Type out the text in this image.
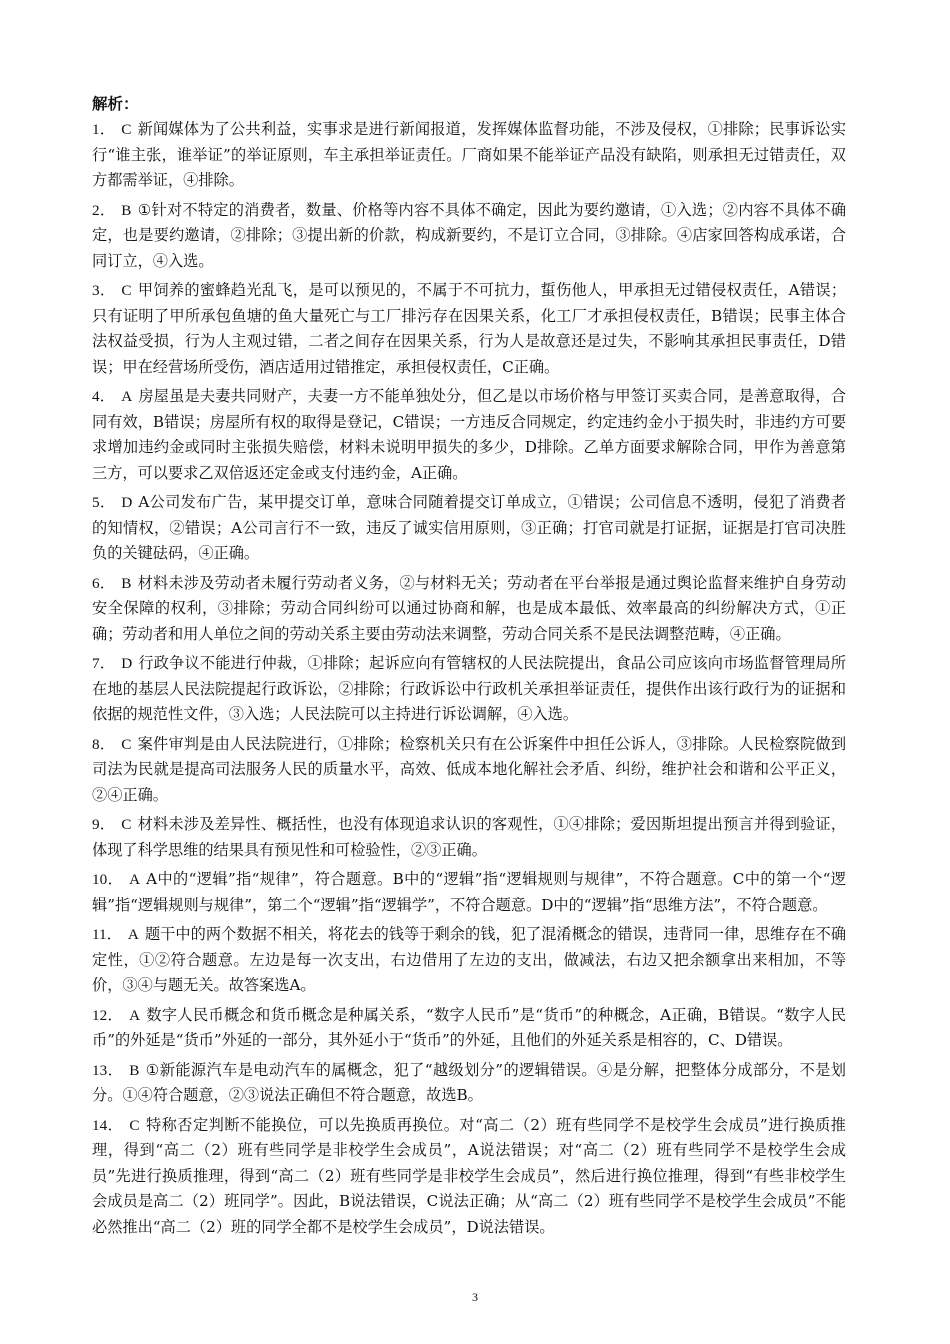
解析：

1． C 新闻媒体为了公共利益，实事求是进行新闻报道，发挥媒体监督功能，不涉及侵权，①排除；民事诉讼实行“谁主张，谁举证”的举证原则，车主承担举证责任。厂商如果不能举证产品没有缺陷，则承担无过错责任，双方都需举证，④排除。

2． B ①针对不特定的消费者，数量、价格等内容不具体不确定，因此为要约邀请，①入选；②内容不具体不确定，也是要约邀请，②排除；③提出新的价款，构成新要约，不是订立合同，③排除。④店家回答构成承诺，合同订立，④入选。

3． C 甲饲养的蜜蜂趋光乱飞，是可以预见的，不属于不可抗力，蜇伤他人，甲承担无过错侵权责任，A错误；只有证明了甲所承包鱼塘的鱼大量死亡与工厂排污存在因果关系，化工厂才承担侵权责任，B错误；民事主体合法权益受损，行为人主观过错，二者之间存在因果关系，行为人是故意还是过失，不影响其承担民事责任，D错误；甲在经营场所受伤，酒店适用过错推定，承担侵权责任，C正确。

4． A 房屋虽是夫妻共同财产，夫妻一方不能单独处分，但乙是以市场价格与甲签订买卖合同，是善意取得，合同有效，B错误；房屋所有权的取得是登记，C错误；一方违反合同规定，约定违约金小于损失时，非违约方可要求增加违约金或同时主张损失赔偿，材料未说明甲损失的多少，D排除。乙单方面要求解除合同，甲作为善意第三方，可以要求乙双倍返还定金或支付违约金，A正确。

5． D A公司发布广告，某甲提交订单，意味合同随着提交订单成立，①错误；公司信息不透明，侵犯了消费者的知情权，②错误；A公司言行不一致，违反了诚实信用原则，③正确；打官司就是打证据，证据是打官司决胜负的关键砝码，④正确。

6． B 材料未涉及劳动者未履行劳动者义务，②与材料无关；劳动者在平台举报是通过舆论监督来维护自身劳动安全保障的权利，③排除；劳动合同纠纷可以通过协商和解，也是成本最低、效率最高的纠纷解决方式，①正确；劳动者和用人单位之间的劳动关系主要由劳动法来调整，劳动合同关系不是民法调整范畴，④正确。

7． D 行政争议不能进行仲裁，①排除；起诉应向有管辖权的人民法院提出，食品公司应该向市场监督管理局所在地的基层人民法院提起行政诉讼，②排除；行政诉讼中行政机关承担举证责任，提供作出该行政行为的证据和依据的规范性文件，③入选；人民法院可以主持进行诉讼调解，④入选。

8． C 案件审判是由人民法院进行，①排除；检察机关只有在公诉案件中担任公诉人，③排除。人民检察院做到司法为民就是提高司法服务人民的质量水平，高效、低成本地化解社会矛盾、纠纷，维护社会和谐和公平正义，②④正确。

9． C 材料未涉及差异性、概括性，也没有体现追求认识的客观性，①④排除；爱因斯坦提出预言并得到验证，体现了科学思维的结果具有预见性和可检验性，②③正确。

10． A A中的“逻辑”指“规律”，符合题意。B中的“逻辑”指“逻辑规则与规律”，不符合题意。C中的第一个“逻辑”指“逻辑规则与规律”，第二个“逻辑”指“逻辑学”，不符合题意。D中的“逻辑”指“思维方法”，不符合题意。

11． A 题干中的两个数据不相关，将花去的钱等于剩余的钱，犯了混淆概念的错误，违背同一律，思维存在不确定性，①②符合题意。左边是每一次支出，右边借用了左边的支出，做减法，右边又把余额拿出来相加，不等价，③④与题无关。故答案选A。

12． A 数字人民币概念和货币概念是种属关系，“数字人民币”是“货币”的种概念，A正确，B错误。“数字人民币”的外延是“货币”外延的一部分，其外延小于“货币”的外延，且他们的外延关系是相容的，C、D错误。

13． B ①新能源汽车是电动汽车的属概念，犯了“越级划分”的逻辑错误。④是分解，把整体分成部分，不是划分。①④符合题意，②③说法正确但不符合题意，故选B。

14． C 特称否定判断不能换位，可以先换质再换位。对“高二（2）班有些同学不是校学生会成员”进行换质推理，得到“高二（2）班有些同学是非校学生会成员”，A说法错误；对“高二（2）班有些同学不是校学生会成员”先进行换质推理，得到“高二（2）班有些同学是非校学生会成员”，然后进行换位推理，得到“有些非校学生会成员是高二（2）班同学”。因此，B说法错误，C说法正确；从“高二（2）班有些同学不是校学生会成员”不能必然推出“高二（2）班的同学全都不是校学生会成员”，D说法错误。

3
